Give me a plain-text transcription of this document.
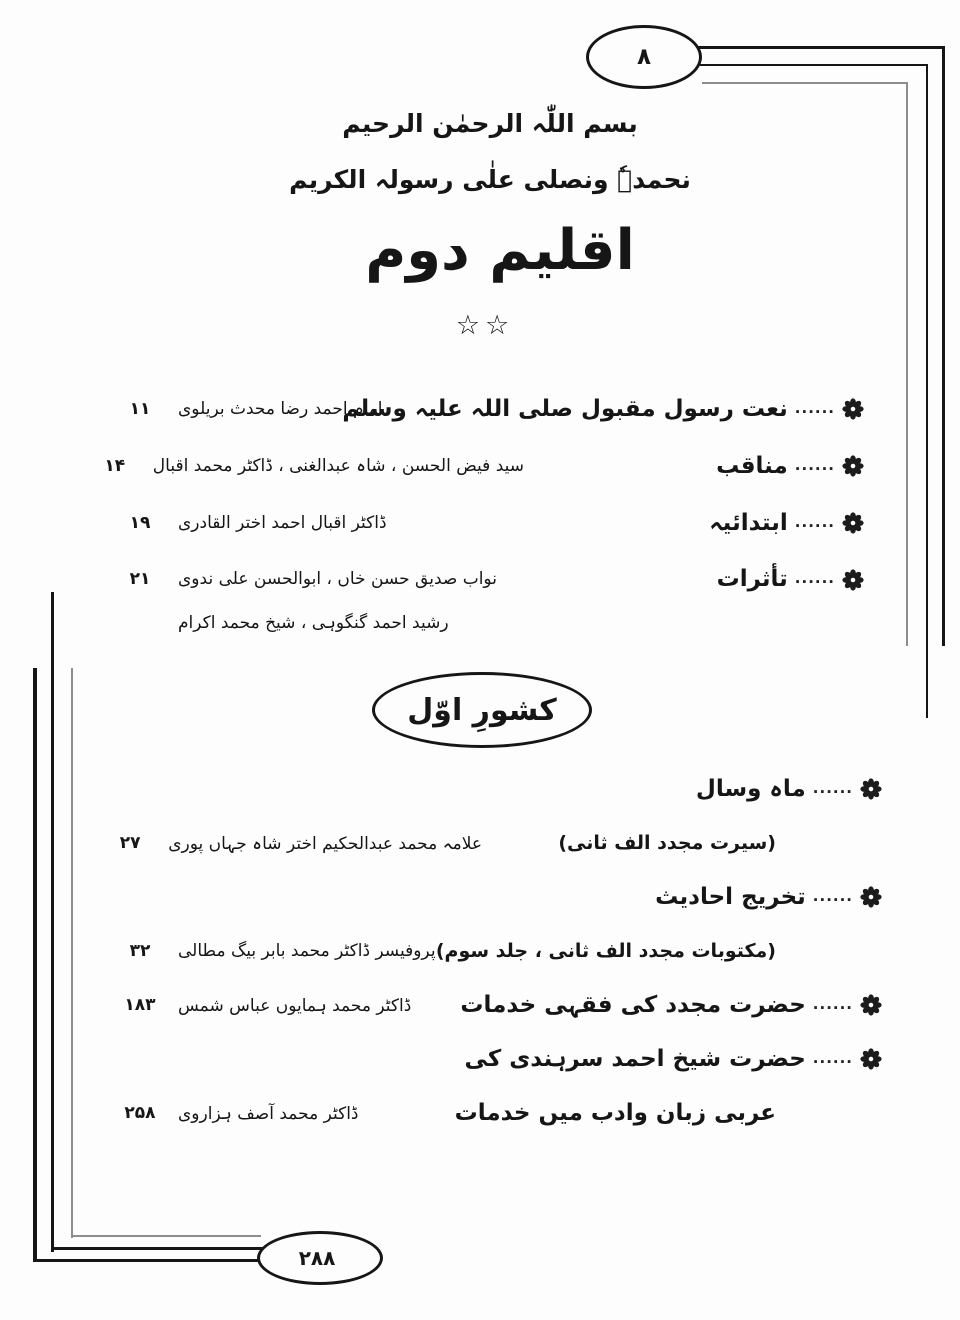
۸
۲۸۸
بسم اللّٰہ الرحمٰن الرحیم
نحمدہٗ ونصلی علٰی رسولہ الکریم
اقلیم دوم
☆☆
......
نعت رسول مقبول صلی اللہ علیہ وسلم
امام احمد رضا محدث بریلوی
۱۱
......
مناقب
سید فیض الحسن ، شاہ عبدالغنی ، ڈاکٹر محمد اقبال
۱۴
......
ابتدائیہ
ڈاکٹر اقبال احمد اختر القادری
۱۹
......
تأثرات
نواب صدیق حسن خاں ، ابوالحسن علی ندوی
رشید احمد گنگوہی ، شیخ محمد اکرام
۲۱
کشورِ اوّل
......
ماہ وسال
(سیرت مجدد الف ثانی)
علامہ محمد عبدالحکیم اختر شاہ جہاں پوری
۲۷
......
تخریج احادیث
(مکتوبات مجدد الف ثانی ، جلد سوم)
پروفیسر ڈاکٹر محمد بابر بیگ مطالی
۳۲
......
حضرت مجدد کی فقہی خدمات
ڈاکٹر محمد ہمایوں عباس شمس
۱۸۳
......
حضرت شیخ احمد سرہندی کی
عربی زبان وادب میں خدمات
ڈاکٹر محمد آصف ہزاروی
۲۵۸
